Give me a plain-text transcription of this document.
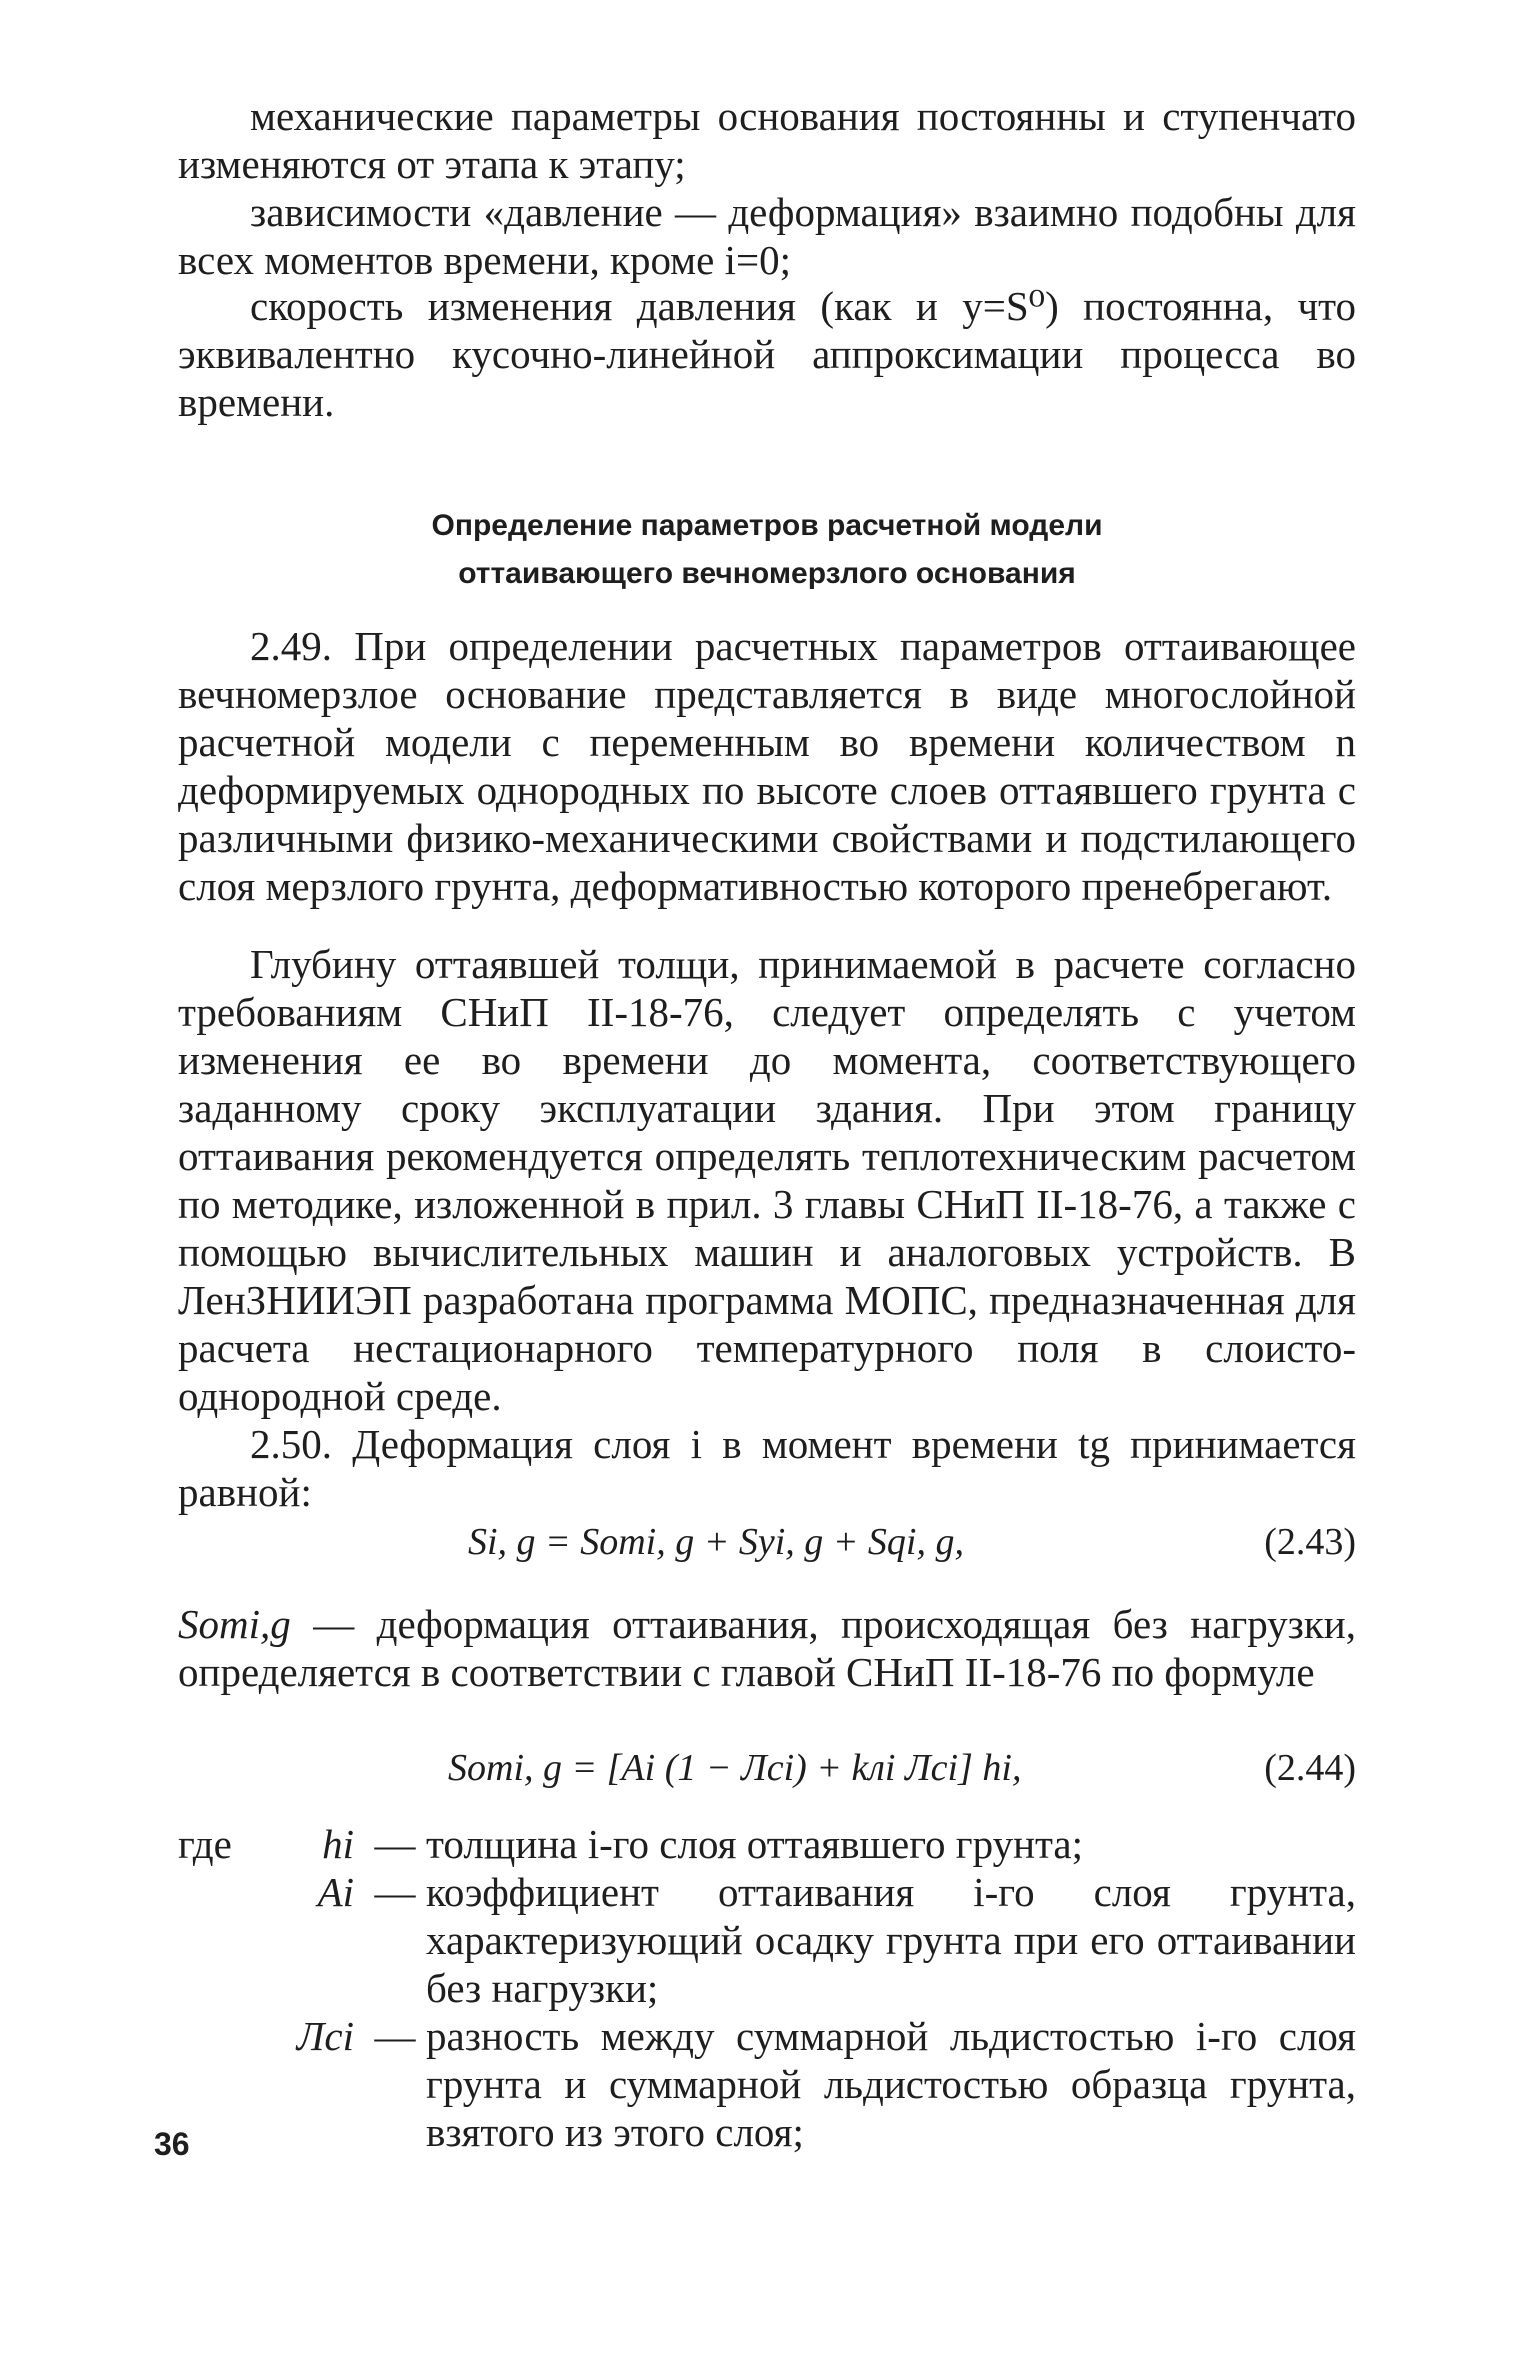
механические параметры основания постоянны и ступенчато изменяются от этапа к этапу;
зависимости «давление — деформация» взаимно подобны для всех моментов времени, кроме i=0;
скорость изменения давления (как и y=S⁰) постоянна, что эквивалентно кусочно-линейной аппроксимации процесса во времени.
Определение параметров расчетной модели
оттаивающего вечномерзлого основания
2.49. При определении расчетных параметров оттаивающее вечномерзлое основание представляется в виде многослойной расчетной модели с переменным во времени количеством n деформируемых однородных по высоте слоев оттаявшего грунта с различными физико-механическими свойствами и подстилающего слоя мерзлого грунта, деформативностью которого пренебрегают.
Глубину оттаявшей толщи, принимаемой в расчете согласно требованиям СНиП II-18-76, следует определять с учетом изменения ее во времени до момента, соответствующего заданному сроку эксплуатации здания. При этом границу оттаивания рекомендуется определять теплотехническим расчетом по методике, изложенной в прил. 3 главы СНиП II-18-76, а также с помощью вычислительных машин и аналоговых устройств. В ЛенЗНИИЭП разработана программа МОПС, предназначенная для расчета нестационарного температурного поля в слоисто-однородной среде.
2.50. Деформация слоя i в момент времени tg принимается равной:
Si, g = Sотi, g + Syi, g + Sqi, g,	(2.43)
Sотi,g — деформация оттаивания, происходящая без нагрузки, определяется в соответствии с главой СНиП II-18-76 по формуле
Sотi, g = [Ai (1 − Лci) + kлi Лci] hi,	(2.44)
где	hi — толщина i-го слоя оттаявшего грунта;
Ai — коэффициент оттаивания i-го слоя грунта, характеризующий осадку грунта при его оттаивании без нагрузки;
Лci — разность между суммарной льдистостью i-го слоя грунта и суммарной льдистостью образца грунта, взятого из этого слоя;
36
